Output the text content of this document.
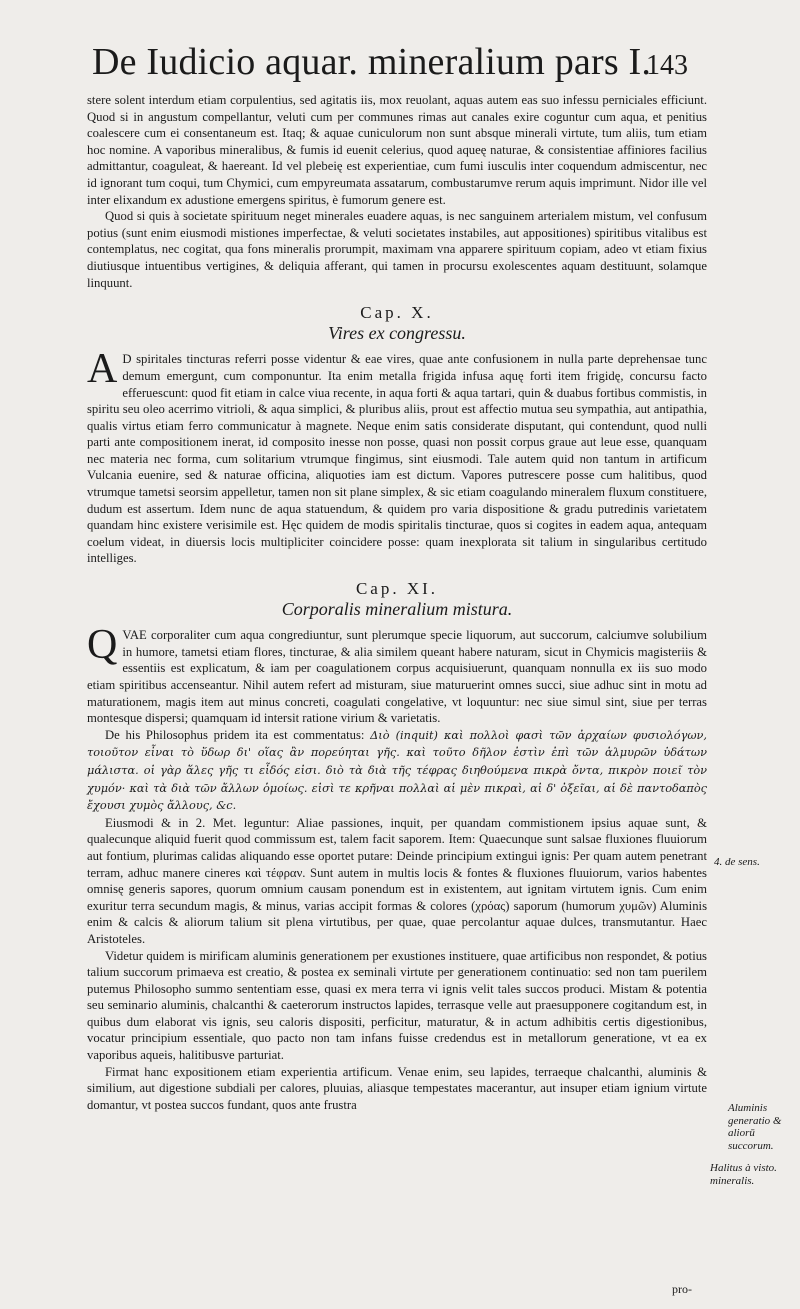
De Iudicio aquar. mineralium pars I.
143

stere solent interdum etiam corpulentius, sed agitatis iis, mox reuolant, aquas autem eas suo infessu perniciales efficiunt. Quod si in angustum compellantur, veluti cum per communes rimas aut canales exire coguntur cum aqua, et penitius coalescere cum ei consentaneum est. Itaq; & aquae cuniculorum non sunt absque minerali virtute, tum aliis, tum etiam hoc nomine. A vaporibus mineralibus, & fumis id euenit celerius, quod aqueę naturae, & consistentiae affiniores facilius admittantur, coaguleat, & haereant. Id vel plebeię est experientiae, cum fumi iusculis inter coquendum admiscentur, nec id ignorant tum coqui, tum Chymici, cum empyreumata assatarum, combustarumve rerum aquis imprimunt. Nidor ille vel inter elixandum ex adustione emergens spiritus, è fumorum genere est.

Quod si quis à societate spirituum neget minerales euadere aquas, is nec sanguinem arterialem mistum, vel confusum potius (sunt enim eiusmodi mistiones imperfectae, & veluti societates instabiles, aut appositiones) spiritibus vitalibus est contemplatus, nec cogitat, qua fons mineralis prorumpit, maximam vna apparere spirituum copiam, adeo vt etiam fixius diutiusque intuentibus vertigines, & deliquia afferant, qui tamen in procursu exolescentes aquam destituunt, solamque linquunt.

Cap. X.
Vires ex congressu.

A D spiritales tincturas referri posse videntur & eae vires, quae ante confusionem in nulla parte deprehensae tunc demum emergunt, cum componuntur. Ita enim metalla frigida infusa aquę forti item frigidę, concursu facto efferuescunt: quod fit etiam in calce viua recente, in aqua forti & aqua tartari, quin & duabus fortibus commistis, in spiritu seu oleo acerrimo vitrioli, & aqua simplici, & pluribus aliis, prout est affectio mutua seu sympathia, aut antipathia, qualis virtus etiam ferro communicatur à magnete. Neque enim satis considerate disputant, qui contendunt, quod nulli parti ante compositionem inerat, id composito inesse non posse, quasi non possit corpus graue aut leue esse, quanquam nec materia nec forma, cum solitarium vtrumque fingimus, sint eiusmodi. Tale autem quid non tantum in artificum Vulcania euenire, sed & naturae officina, aliquoties iam est dictum. Vapores putrescere posse cum halitibus, quod vtrumque tametsi seorsim appelletur, tamen non sit plane simplex, & sic etiam coagulando mineralem fluxum constituere, dudum est assertum. Idem nunc de aqua statuendum, & quidem pro varia dispositione & gradu putredinis varietatem quandam hinc existere verisimile est. Hęc quidem de modis spiritalis tincturae, quos si cogites in eadem aqua, antequam coelum videat, in diuersis locis multipliciter coincidere posse: quam inexplorata sit talium in singularibus certitudo intelliges.

Cap. XI.
Corporalis mineralium mistura.

QVAE corporaliter cum aqua congrediuntur, sunt plerumque specie liquorum, aut succorum, calciumve solubilium in humore, tametsi etiam flores, tincturae, & alia similem queant habere naturam, sicut in Chymicis magisteriis & essentiis est explicatum, & iam per coagulationem corpus acquisiuerunt, quanquam nonnulla ex iis suo modo etiam spiritibus accenseantur. Nihil autem refert ad misturam, siue maturuerint omnes succi, siue adhuc sint in motu ad maturationem, magis item aut minus concreti, coagulati congelative, vt loquuntur: nec siue simul sint, siue per terras montesque dispersi; quamquam id intersit ratione virium & varietatis.

De his Philosophus pridem ita est commentatus: Διὸ (inquit) καὶ πολλοὶ φασὶ τῶν ἀρχαίων φυσιολόγων, τοιοῦτον εἶναι τὸ ὕδωρ δι' οἵας ἂν πορεύηται γῆς. καὶ τοῦτο δῆλον ἐστὶν ἐπὶ τῶν ἁλμυρῶν ὑδάτων μάλιστα. οἱ γὰρ ἅλες γῆς τι εἶδός εἰσι. διὸ τὰ διὰ τῆς τέφρας διηθούμενα πικρὰ ὄντα, πικρὸν ποιεῖ τὸν χυμόν· καὶ τὰ διὰ τῶν ἄλλων ὁμοίως. εἰσὶ τε κρῆναι πολλαὶ αἱ μὲν πικραὶ, αἱ δ' ὀξεῖαι, αἱ δὲ παντοδαπὸς ἔχουσι χυμὸς ἄλλους, &c.

Eiusmodi & in 2. Met. leguntur: Aliae passiones, inquit, per quandam commistionem ipsius aquae sunt, & qualecunque aliquid fuerit quod commissum est, talem facit saporem. Item: Quaecunque sunt salsae fluxiones fluuiorum aut fontium, plurimas calidas aliquando esse oportet putare: Deinde principium extingui ignis: Per quam autem penetrant terram, adhuc manere cineres καὶ τέφραν. Sunt autem in multis locis & fontes & fluxiones fluuiorum, varios habentes omnisę generis sapores, quorum omnium causam ponendum est in existentem, aut ignitam virtutem ignis. Cum enim exuritur terra secundum magis, & minus, varias accipit formas & colores (χρόας) saporum (humorum χυμῶν) Aluminis enim & calcis & aliorum talium sit plena virtutibus, per quae, quae percolantur aquae dulces, transmutantur. Haec Aristoteles.

Videtur quidem is mirificam aluminis generationem per exustiones instituere, quae artificibus non respondet, & potius talium succorum primaeva est creatio, & postea ex seminali virtute per generationem continuatio: sed non tam puerilem putemus Philosopho summo sententiam esse, quasi ex mera terra vi ignis velit tales succos produci. Mistam & potentia seu seminario aluminis, chalcanthi & caeterorum instructos lapides, terrasque velle aut praesupponere cogitandum est, in quibus dum elaborat vis ignis, seu caloris dispositi, perficitur, maturatur, & in actum adhibitis certis digestionibus, vocatur principium essentiale, quo pacto non tam infans fuisse credendus est in metallorum generatione, vt ea ex vaporibus aqueis, halitibusve parturiat.

Firmat hanc expositionem etiam experientia artificum. Venae enim, seu lapides, terraeque chalcanthi, aluminis & similium, aut digestione subdiali per calores, pluuias, aliasque tempestates macerantur, aut insuper etiam ignium virtute domantur, vt postea succos fundant, quos ante frustra

4. de sens.
Aluminis generatio & aliorū succorum.
Halitus à visto. mineralis.
pro-
